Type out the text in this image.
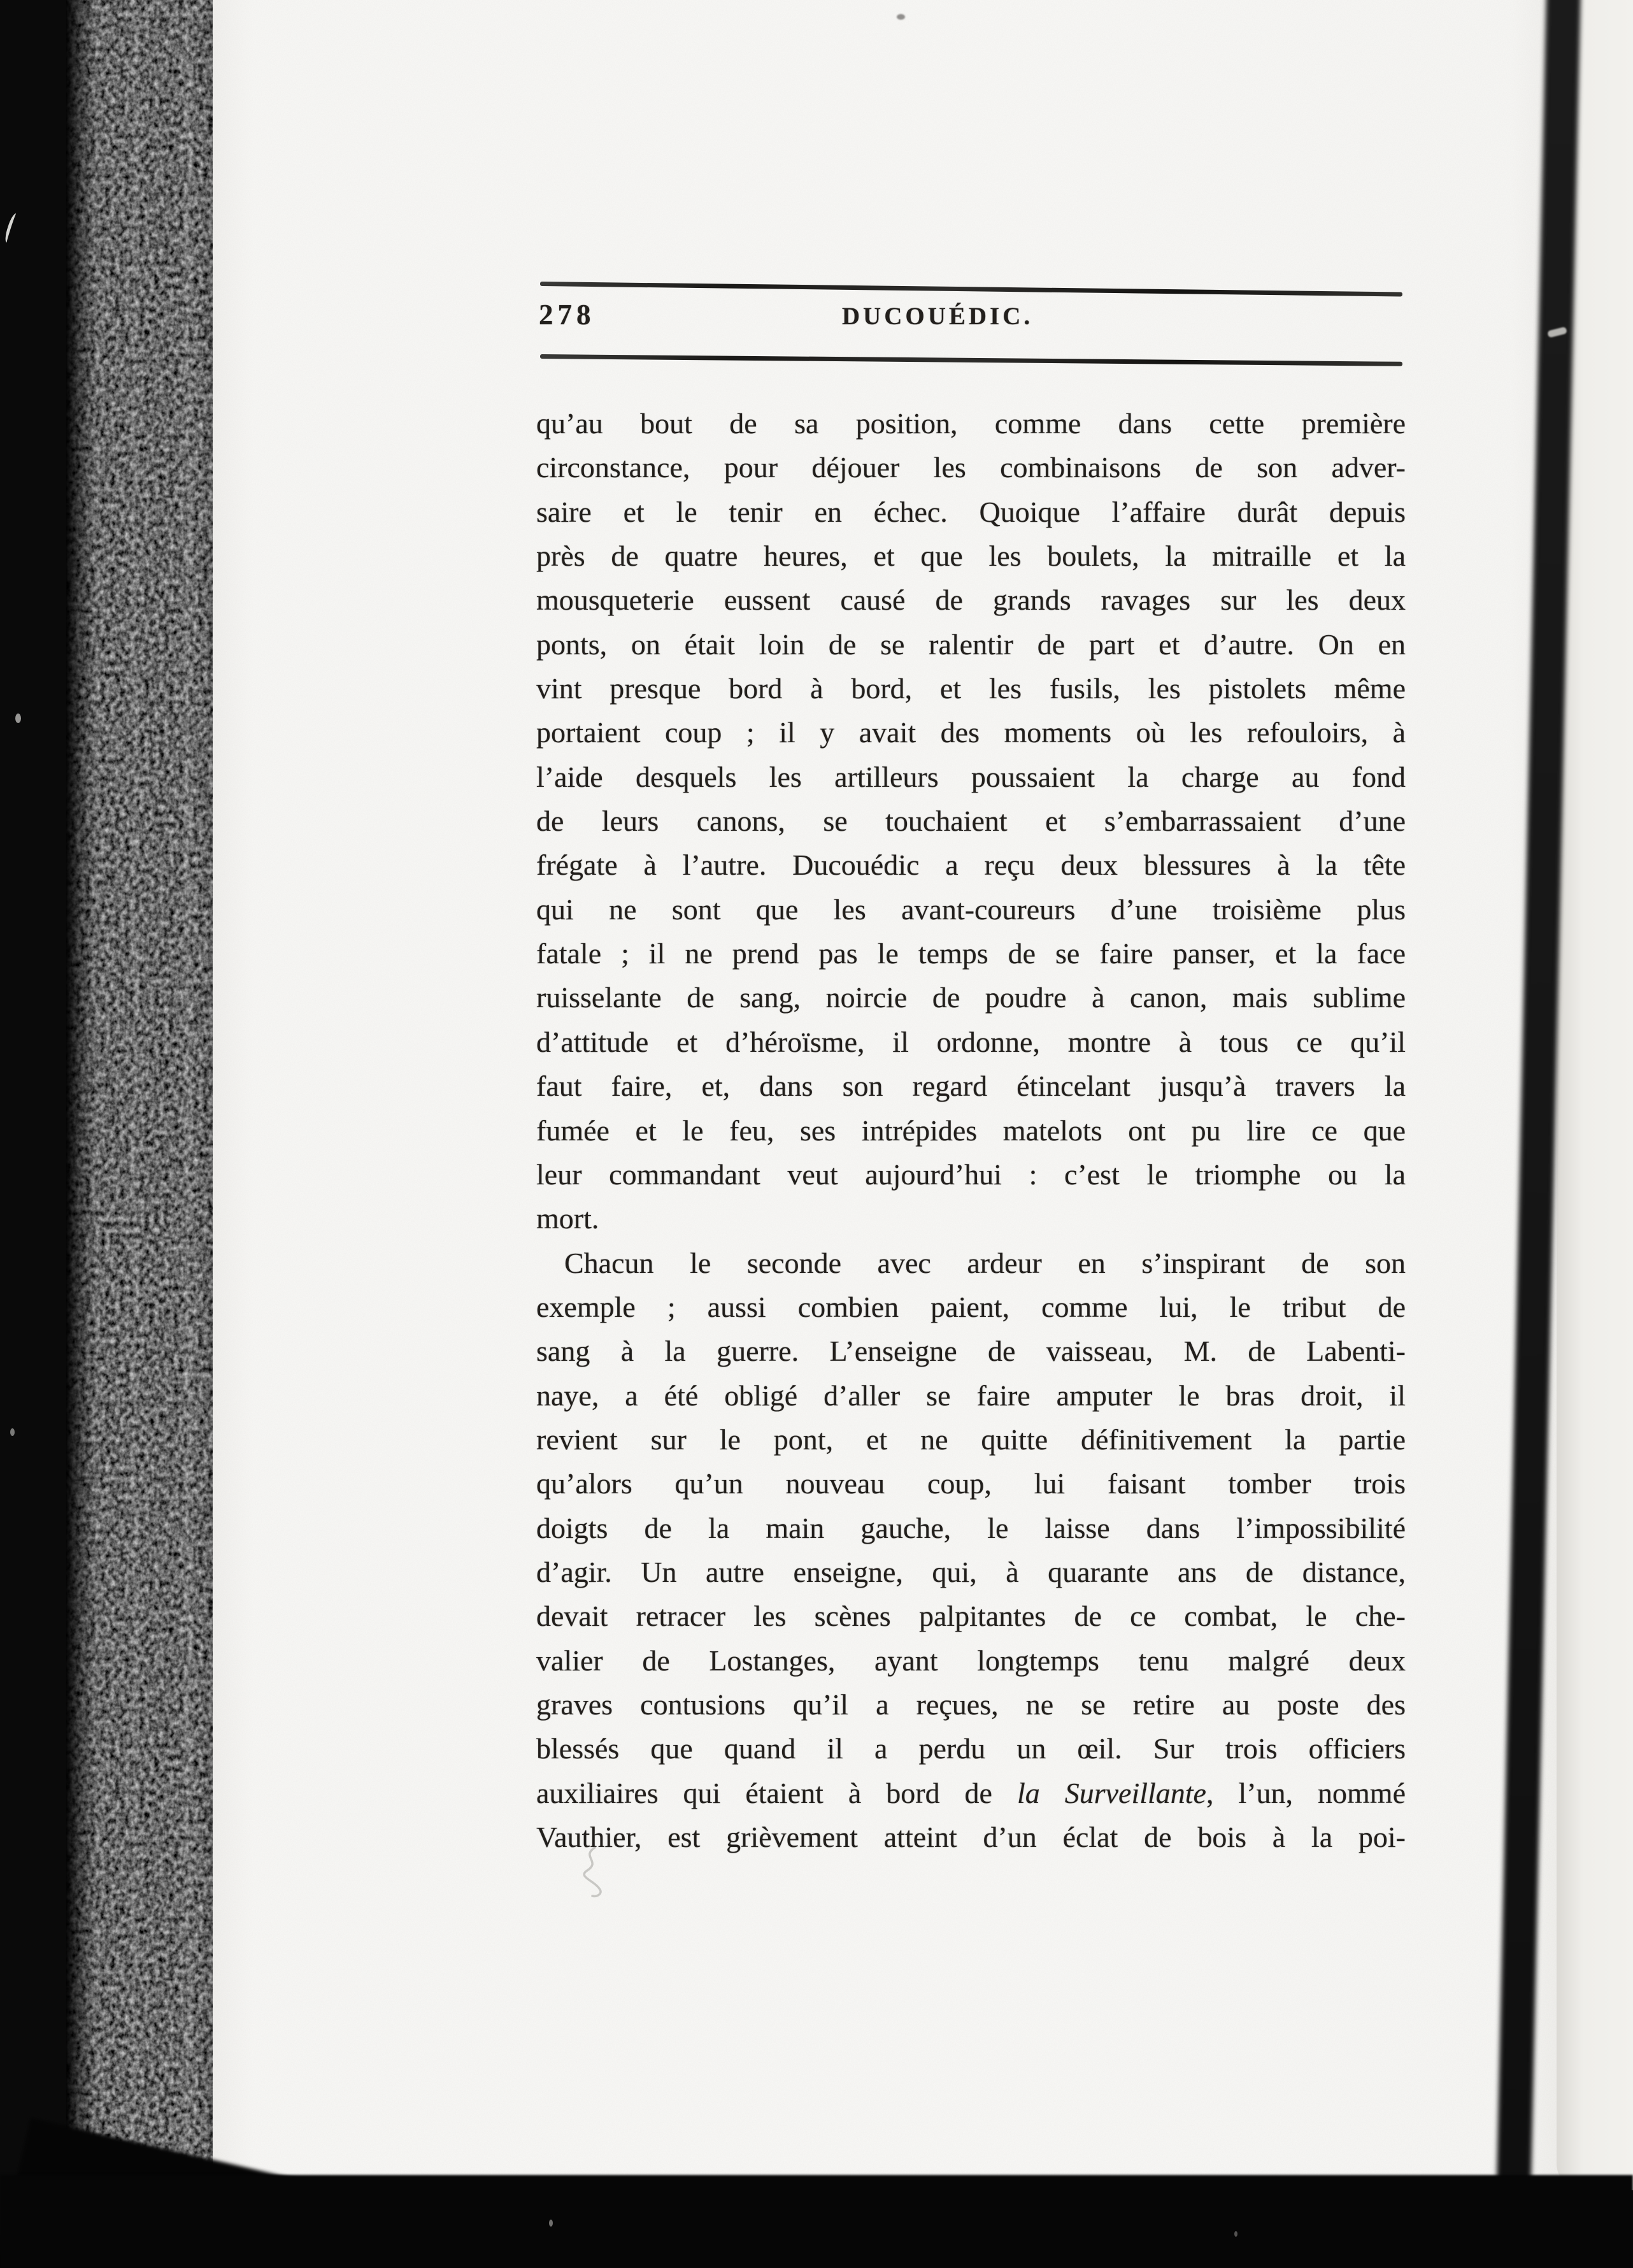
278	DUCOUÉDIC.
qu’au bout de sa position, comme dans cette première
circonstance, pour déjouer les combinaisons de son adver-
saire et le tenir en échec. Quoique l’affaire durât depuis
près de quatre heures, et que les boulets, la mitraille et la
mousqueterie eussent causé de grands ravages sur les deux
ponts, on était loin de se ralentir de part et d’autre. On en
vint presque bord à bord, et les fusils, les pistolets même
portaient coup ; il y avait des moments où les refouloirs, à
l’aide desquels les artilleurs poussaient la charge au fond
de leurs canons, se touchaient et s’embarrassaient d’une
frégate à l’autre. Ducouédic a reçu deux blessures à la tête
qui ne sont que les avant-coureurs d’une troisième plus
fatale ; il ne prend pas le temps de se faire panser, et la face
ruisselante de sang, noircie de poudre à canon, mais sublime
d’attitude et d’héroïsme, il ordonne, montre à tous ce qu’il
faut faire, et, dans son regard étincelant jusqu’à travers la
fumée et le feu, ses intrépides matelots ont pu lire ce que
leur commandant veut aujourd’hui : c’est le triomphe ou la
mort.
Chacun le seconde avec ardeur en s’inspirant de son
exemple ; aussi combien paient, comme lui, le tribut de
sang à la guerre. L’enseigne de vaisseau, M. de Labenti-
naye, a été obligé d’aller se faire amputer le bras droit, il
revient sur le pont, et ne quitte définitivement la partie
qu’alors qu’un nouveau coup, lui faisant tomber trois
doigts de la main gauche, le laisse dans l’impossibilité
d’agir. Un autre enseigne, qui, à quarante ans de distance,
devait retracer les scènes palpitantes de ce combat, le che-
valier de Lostanges, ayant longtemps tenu malgré deux
graves contusions qu’il a reçues, ne se retire au poste des
blessés que quand il a perdu un œil. Sur trois officiers
auxiliaires qui étaient à bord de la Surveillante, l’un, nommé
Vauthier, est grièvement atteint d’un éclat de bois à la poi-
